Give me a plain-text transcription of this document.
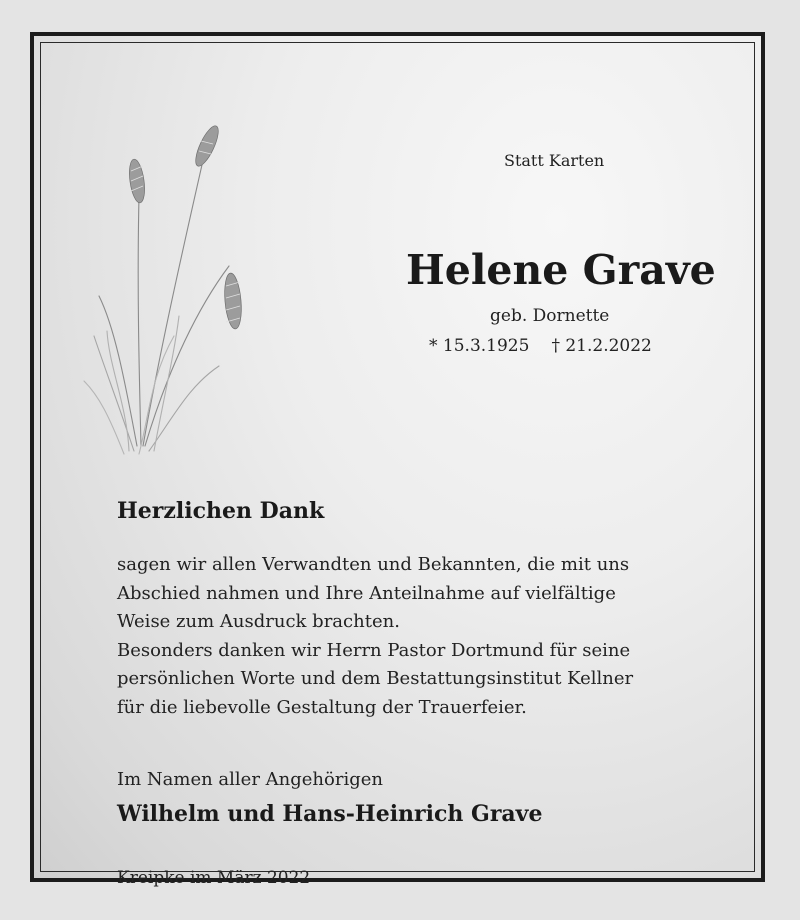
Statt Karten
Helene Grave
geb. Dornette
* 15.3.1925 † 21.2.2022
Herzlichen Dank
sagen wir allen Verwandten und Bekannten, die mit uns
Abschied nahmen und Ihre Anteilnahme auf vielfältige
Weise zum Ausdruck brachten.
Besonders danken wir Herrn Pastor Dortmund für seine
persönlichen Worte und dem Bestattungsinstitut Kellner
für die liebevolle Gestaltung der Trauerfeier.
Im Namen aller Angehörigen
Wilhelm und Hans-Heinrich Grave
Kreipke im März 2022
